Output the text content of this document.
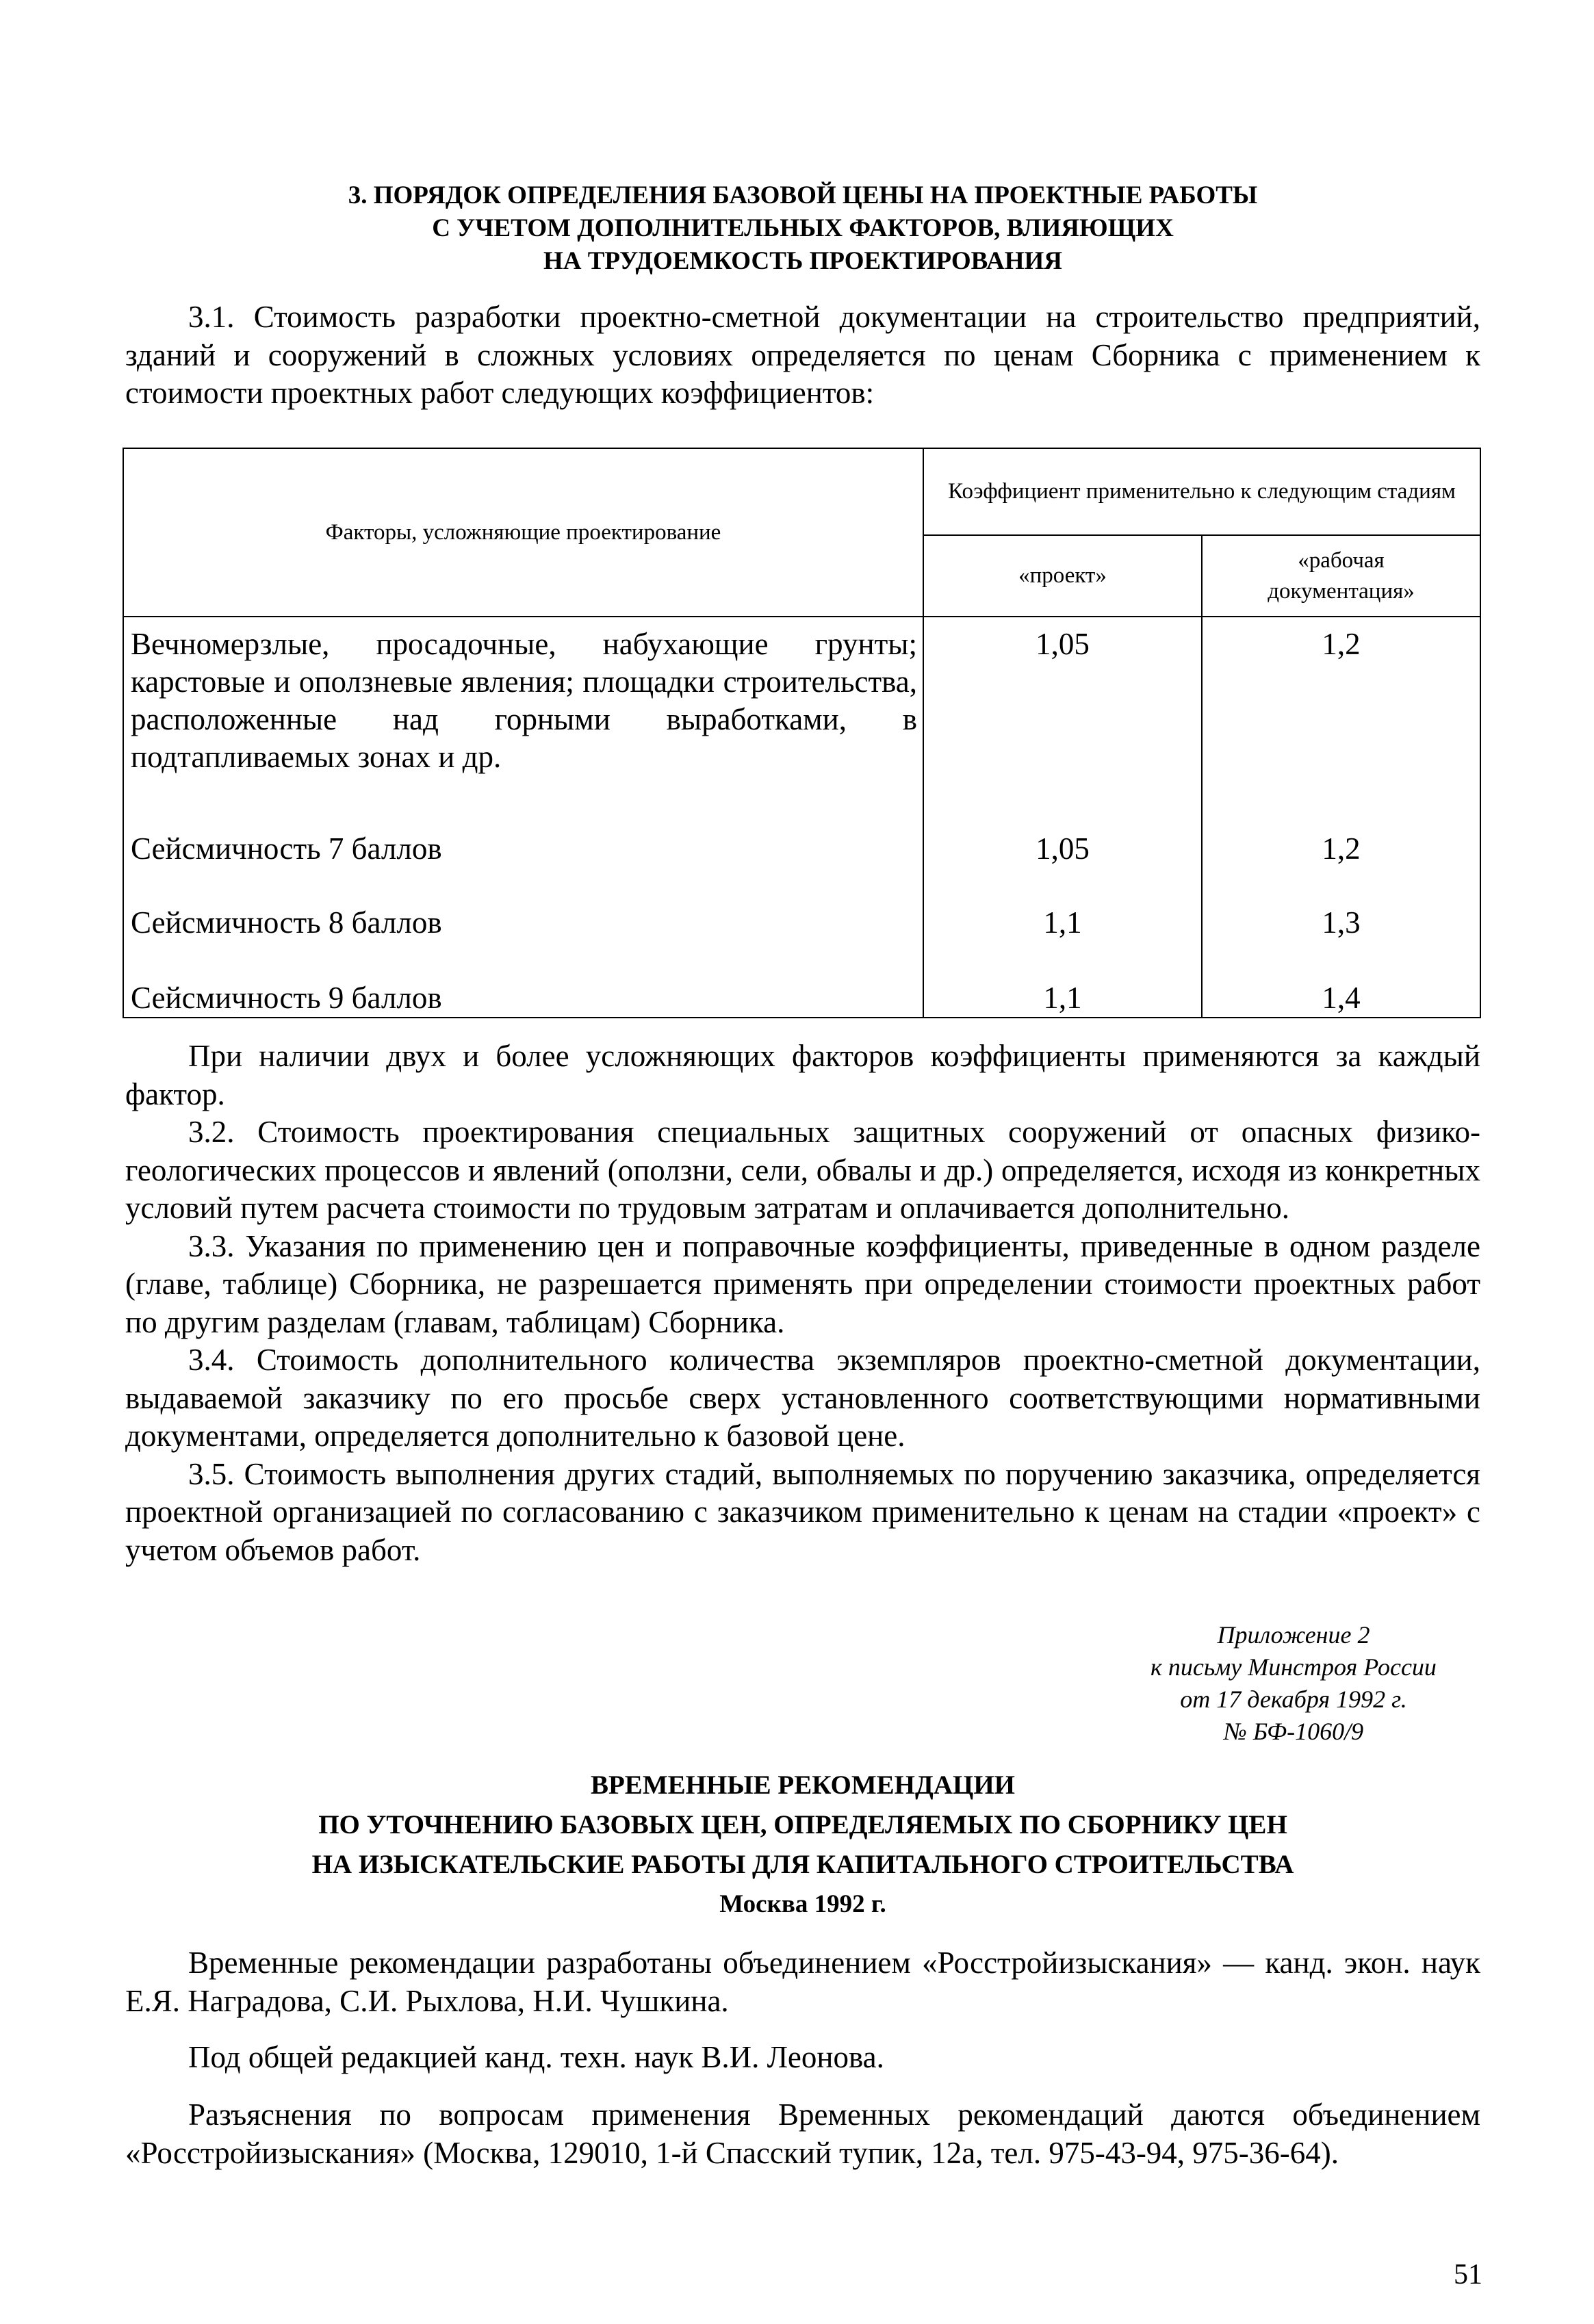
3. ПОРЯДОК ОПРЕДЕЛЕНИЯ БАЗОВОЙ ЦЕНЫ НА ПРОЕКТНЫЕ РАБОТЫ
С УЧЕТОМ ДОПОЛНИТЕЛЬНЫХ ФАКТОРОВ, ВЛИЯЮЩИХ
НА ТРУДОЕМКОСТЬ ПРОЕКТИРОВАНИЯ
3.1. Стоимость разработки проектно-сметной документации на строительство предприятий, зданий и сооружений в сложных условиях определяется по ценам Сборника с применением к стоимости проектных работ следующих коэффициентов:
Факторы, усложняющие проектирование	Коэффициент применительно к следующим стадиям	
	«проект»	«рабочая документация»
Вечномерзлые, просадочные, набухающие грунты; карстовые и оползневые явления; площадки строительства, расположенные над горными выработками, в подтапливаемых зонах и др.	1,05	1,2
Сейсмичность 7 баллов	1,05	1,2
Сейсмичность 8 баллов	1,1	1,3
Сейсмичность 9 баллов	1,1	1,4
При наличии двух и более усложняющих факторов коэффициенты применяются за каждый фактор.
3.2. Стоимость проектирования специальных защитных сооружений от опасных физико-геологических процессов и явлений (оползни, сели, обвалы и др.) определяется, исходя из конкретных условий путем расчета стоимости по трудовым затратам и оплачивается дополнительно.
3.3. Указания по применению цен и поправочные коэффициенты, приведенные в одном разделе (главе, таблице) Сборника, не разрешается применять при определении стоимости проектных работ по другим разделам (главам, таблицам) Сборника.
3.4. Стоимость дополнительного количества экземпляров проектно-сметной документации, выдаваемой заказчику по его просьбе сверх установленного соответствующими нормативными документами, определяется дополнительно к базовой цене.
3.5. Стоимость выполнения других стадий, выполняемых по поручению заказчика, определяется проектной организацией по согласованию с заказчиком применительно к ценам на стадии «проект» с учетом объемов работ.
Приложение 2
к письму Минстроя России
от 17 декабря 1992 г.
№ БФ-1060/9
ВРЕМЕННЫЕ РЕКОМЕНДАЦИИ
ПО УТОЧНЕНИЮ БАЗОВЫХ ЦЕН, ОПРЕДЕЛЯЕМЫХ ПО СБОРНИКУ ЦЕН
НА ИЗЫСКАТЕЛЬСКИЕ РАБОТЫ ДЛЯ КАПИТАЛЬНОГО СТРОИТЕЛЬСТВА
Москва 1992 г.
Временные рекомендации разработаны объединением «Росстройизыскания» — канд. экон. наук Е.Я. Наградова, С.И. Рыхлова, Н.И. Чушкина.
Под общей редакцией канд. техн. наук В.И. Леонова.
Разъяснения по вопросам применения Временных рекомендаций даются объединением «Росстройизыскания» (Москва, 129010, 1-й Спасский тупик, 12а, тел. 975-43-94, 975-36-64).
51
